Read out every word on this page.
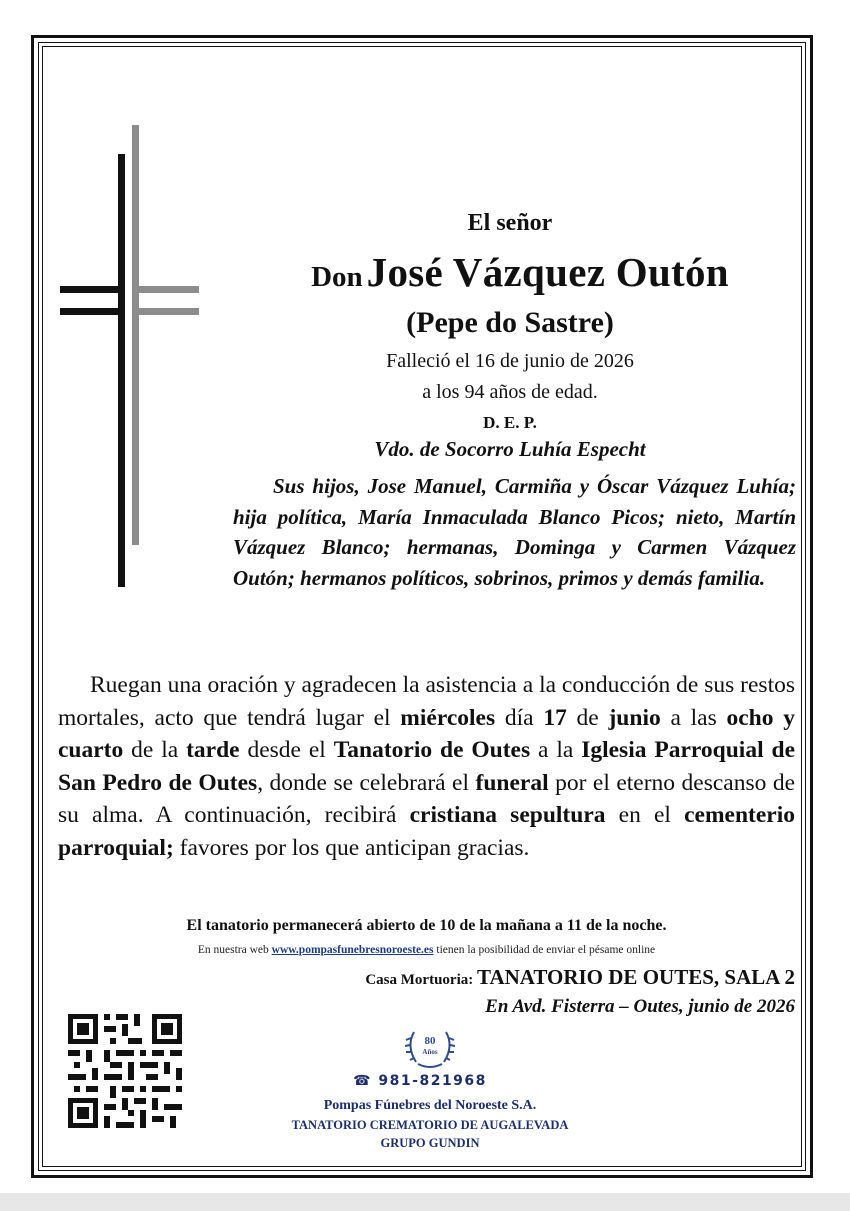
El señor
Don José Vázquez Outón
(Pepe do Sastre)
Falleció el 16 de junio de 2026
a los 94 años de edad.
D. E. P.
Vdo. de Socorro Luhía Especht
Sus hijos, Jose Manuel, Carmiña y Óscar Vázquez Luhía; hija política, María Inmaculada Blanco Picos; nieto, Martín Vázquez Blanco; hermanas, Dominga y Carmen Vázquez Outón; hermanos políticos, sobrinos, primos y demás familia.
Ruegan una oración y agradecen la asistencia a la conducción de sus restos mortales, acto que tendrá lugar el miércoles día 17 de junio a las ocho y cuarto de la tarde desde el Tanatorio de Outes a la Iglesia Parroquial de San Pedro de Outes, donde se celebrará el funeral por el eterno descanso de su alma. A continuación, recibirá cristiana sepultura en el cementerio parroquial; favores por los que anticipan gracias.
El tanatorio permanecerá abierto de 10 de la mañana a 11 de la noche.
En nuestra web www.pompasfunebresnoroeste.es tienen la posibilidad de enviar el pésame online
Casa Mortuoria: TANATORIO DE OUTES, SALA 2
En Avd. Fisterra – Outes, junio de 2026
80
Años
☎ 981-821968
Pompas Fúnebres del Noroeste S.A.
TANATORIO CREMATORIO DE AUGALEVADA
GRUPO GUNDIN
